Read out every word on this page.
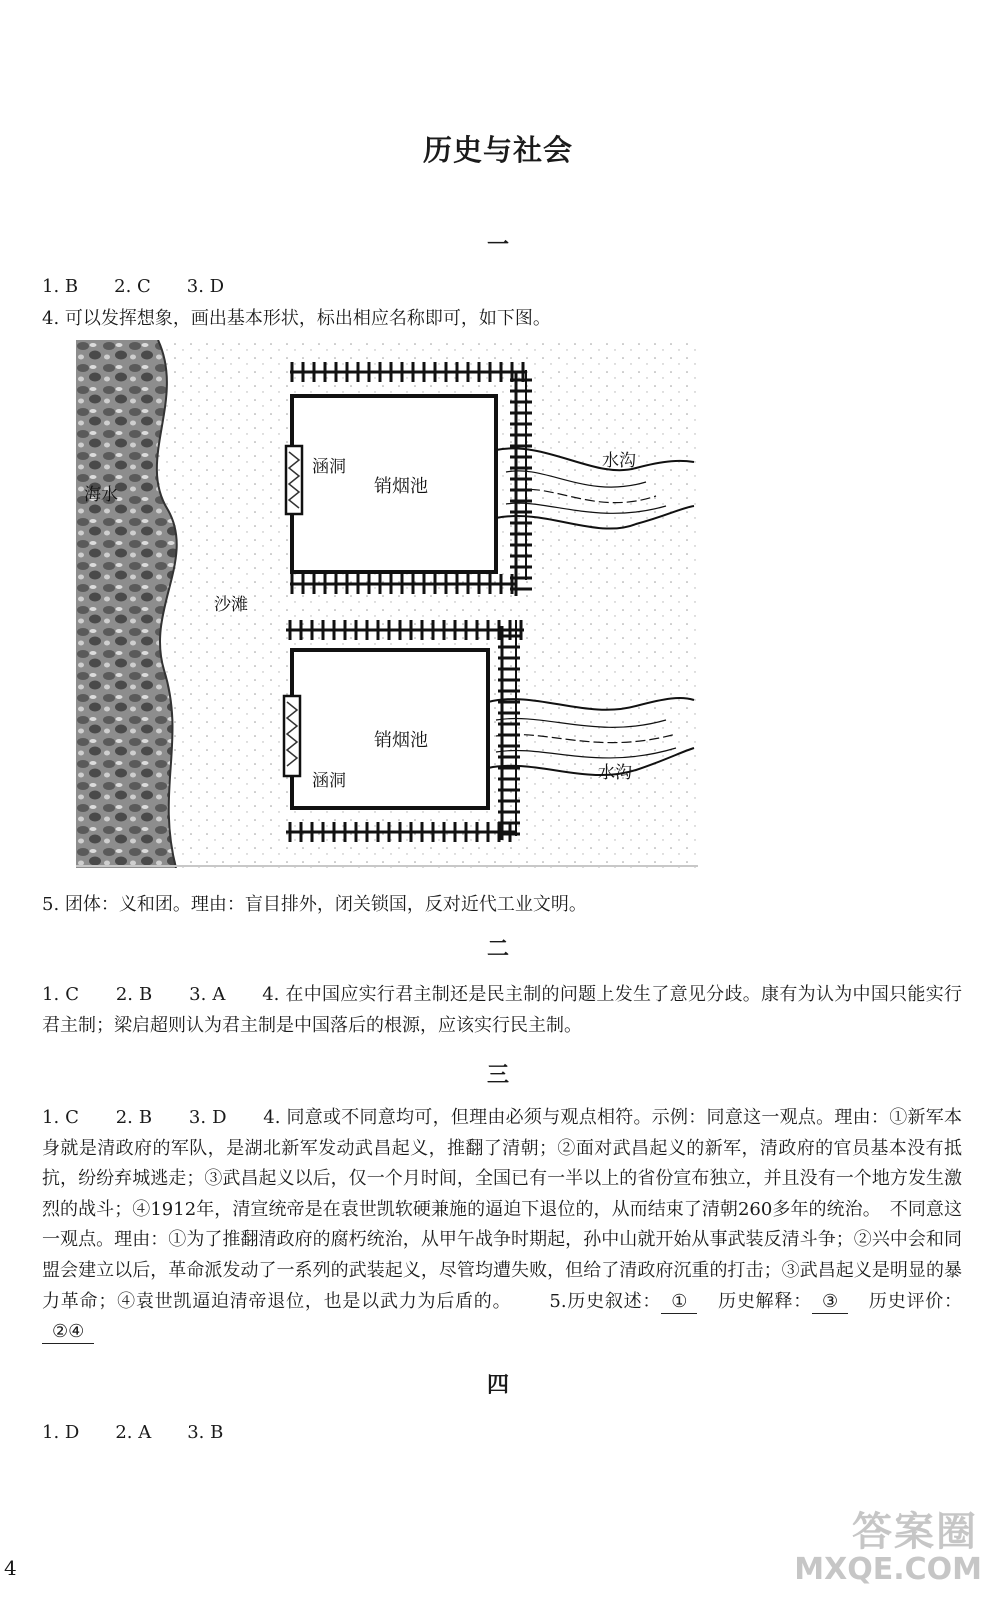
历史与社会
一
1. B　　2. C　　3. D
4. 可以发挥想象，画出基本形状，标出相应名称即可，如下图。
海水
沙滩
涵洞
销烟池
水沟
销烟池
涵洞	水沟
5. 团体：义和团。理由：盲目排外，闭关锁国，反对近代工业文明。
二
1. C　　2. B　　3. A　　4. 在中国应实行君主制还是民主制的问题上发生了意见分歧。康有为认为中国只能实行君主制；梁启超则认为君主制是中国落后的根源，应该实行民主制。
三
1. C　　2. B　　3. D　　4. 同意或不同意均可，但理由必须与观点相符。示例：同意这一观点。理由：①新军本身就是清政府的军队，是湖北新军发动武昌起义，推翻了清朝；②面对武昌起义的新军，清政府的官员基本没有抵抗，纷纷弃城逃走；③武昌起义以后，仅一个月时间，全国已有一半以上的省份宣布独立，并且没有一个地方发生激烈的战斗；④1912年，清宣统帝是在袁世凯软硬兼施的逼迫下退位的，从而结束了清朝260多年的统治。　不同意这一观点。理由：①为了推翻清政府的腐朽统治，从甲午战争时期起，孙中山就开始从事武装反清斗争；②兴中会和同盟会建立以后，革命派发动了一系列的武装起义，尽管均遭失败，但给了清政府沉重的打击；③武昌起义是明显的暴力革命；④袁世凯逼迫清帝退位，也是以武力为后盾的。 5.历史叙述： ① 历史解释： ③ 历史评价：②④
四
1. D　　2. A　　3. B
4
答案圈
MXQE.COM
